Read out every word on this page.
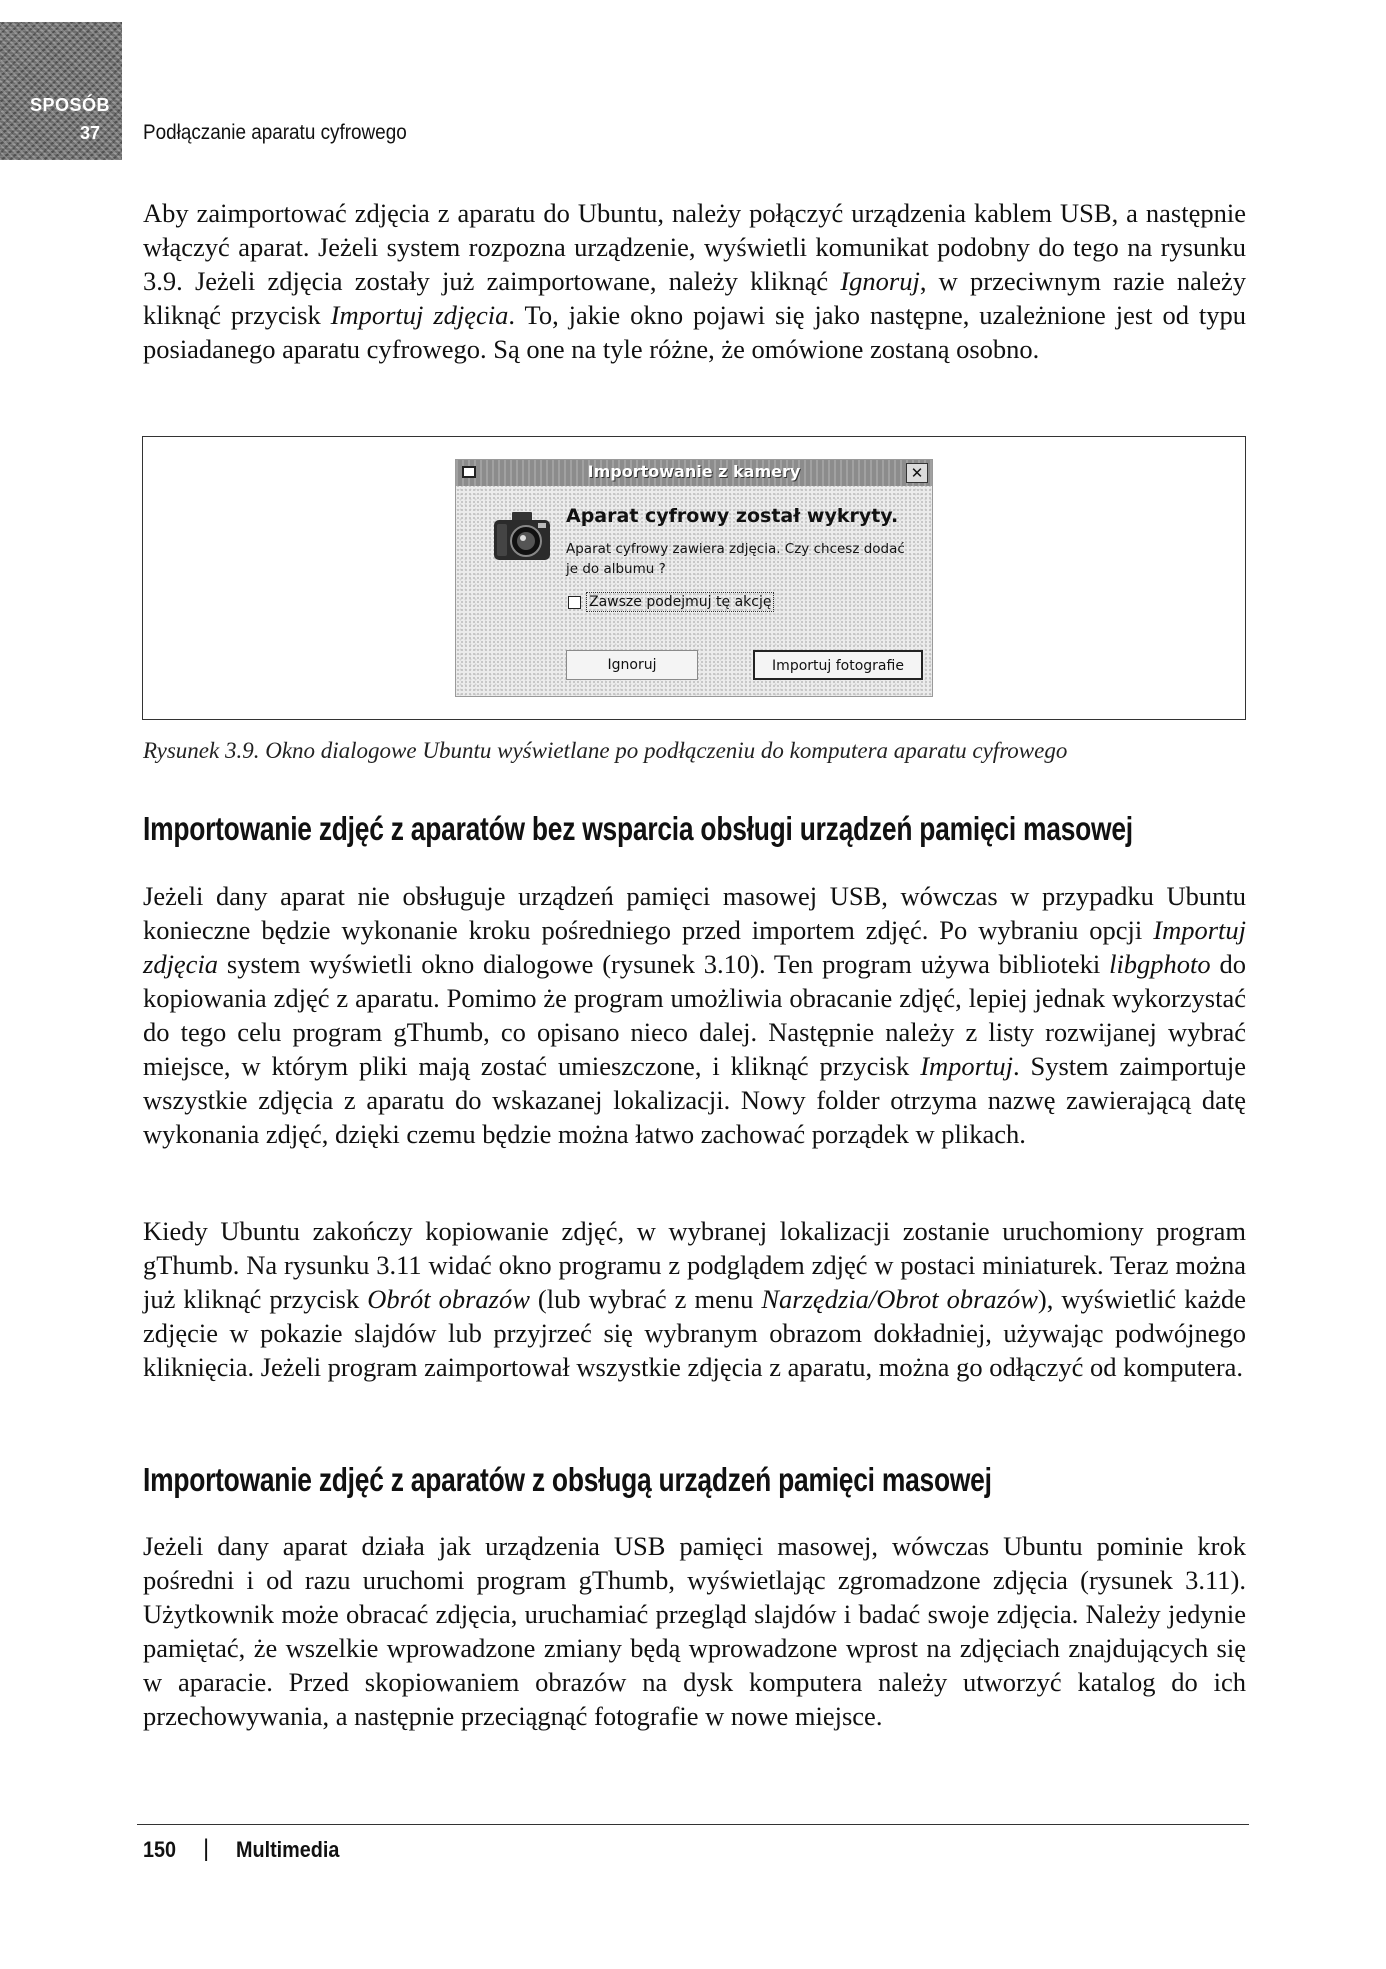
SPOSÓB
37 Podłączanie aparatu cyfrowego

Aby zaimportować zdjęcia z aparatu do Ubuntu, należy połączyć urządzenia kablem USB, a następnie włączyć aparat. Jeżeli system rozpozna urządzenie, wyświetli komunikat podobny do tego na rysunku 3.9. Jeżeli zdjęcia zostały już zaimportowane, należy kliknąć Ignoruj, w przeciwnym razie należy kliknąć przycisk Importuj zdjęcia. To, jakie okno pojawi się jako następne, uzależnione jest od typu posiadanego aparatu cyfrowego. Są one na tyle różne, że omówione zostaną osobno.

Importowanie z kamery	✕
Aparat cyfrowy został wykryty.
Aparat cyfrowy zawiera zdjęcia. Czy chcesz dodać je do albumu ?
Zawsze podejmuj tę akcję
Ignoruj	Importuj fotografie
Rysunek 3.9. Okno dialogowe Ubuntu wyświetlane po podłączeniu do komputera aparatu cyfrowego
Importowanie zdjęć z aparatów bez wsparcia obsługi urządzeń pamięci masowej

Jeżeli dany aparat nie obsługuje urządzeń pamięci masowej USB, wówczas w przypadku Ubuntu konieczne będzie wykonanie kroku pośredniego przed importem zdjęć. Po wybraniu opcji Importuj zdjęcia system wyświetli okno dialogowe (rysunek 3.10). Ten program używa biblioteki libgphoto do kopiowania zdjęć z aparatu. Pomimo że program umożliwia obracanie zdjęć, lepiej jednak wykorzystać do tego celu program gThumb, co opisano nieco dalej. Następnie należy z listy rozwijanej wybrać miejsce, w którym pliki mają zostać umieszczone, i kliknąć przycisk Importuj. System zaimportuje wszystkie zdjęcia z aparatu do wskazanej lokalizacji. Nowy folder otrzyma nazwę zawierającą datę wykonania zdjęć, dzięki czemu będzie można łatwo zachować porządek w plikach.

Kiedy Ubuntu zakończy kopiowanie zdjęć, w wybranej lokalizacji zostanie uruchomiony program gThumb. Na rysunku 3.11 widać okno programu z podglądem zdjęć w postaci miniaturek. Teraz można już kliknąć przycisk Obrót obrazów (lub wybrać z menu Narzędzia/Obrot obrazów), wyświetlić każde zdjęcie w pokazie slajdów lub przyjrzeć się wybranym obrazom dokładniej, używając podwójnego kliknięcia. Jeżeli program zaimportował wszystkie zdjęcia z aparatu, można go odłączyć od komputera.

Importowanie zdjęć z aparatów z obsługą urządzeń pamięci masowej

Jeżeli dany aparat działa jak urządzenia USB pamięci masowej, wówczas Ubuntu pominie krok pośredni i od razu uruchomi program gThumb, wyświetlając zgromadzone zdjęcia (rysunek 3.11). Użytkownik może obracać zdjęcia, uruchamiać przegląd slajdów i badać swoje zdjęcia. Należy jedynie pamiętać, że wszelkie wprowadzone zmiany będą wprowadzone wprost na zdjęciach znajdujących się w aparacie. Przed skopiowaniem obrazów na dysk komputera należy utworzyć katalog do ich przechowywania, a następnie przeciągnąć fotografie w nowe miejsce.

150 | Multimedia
